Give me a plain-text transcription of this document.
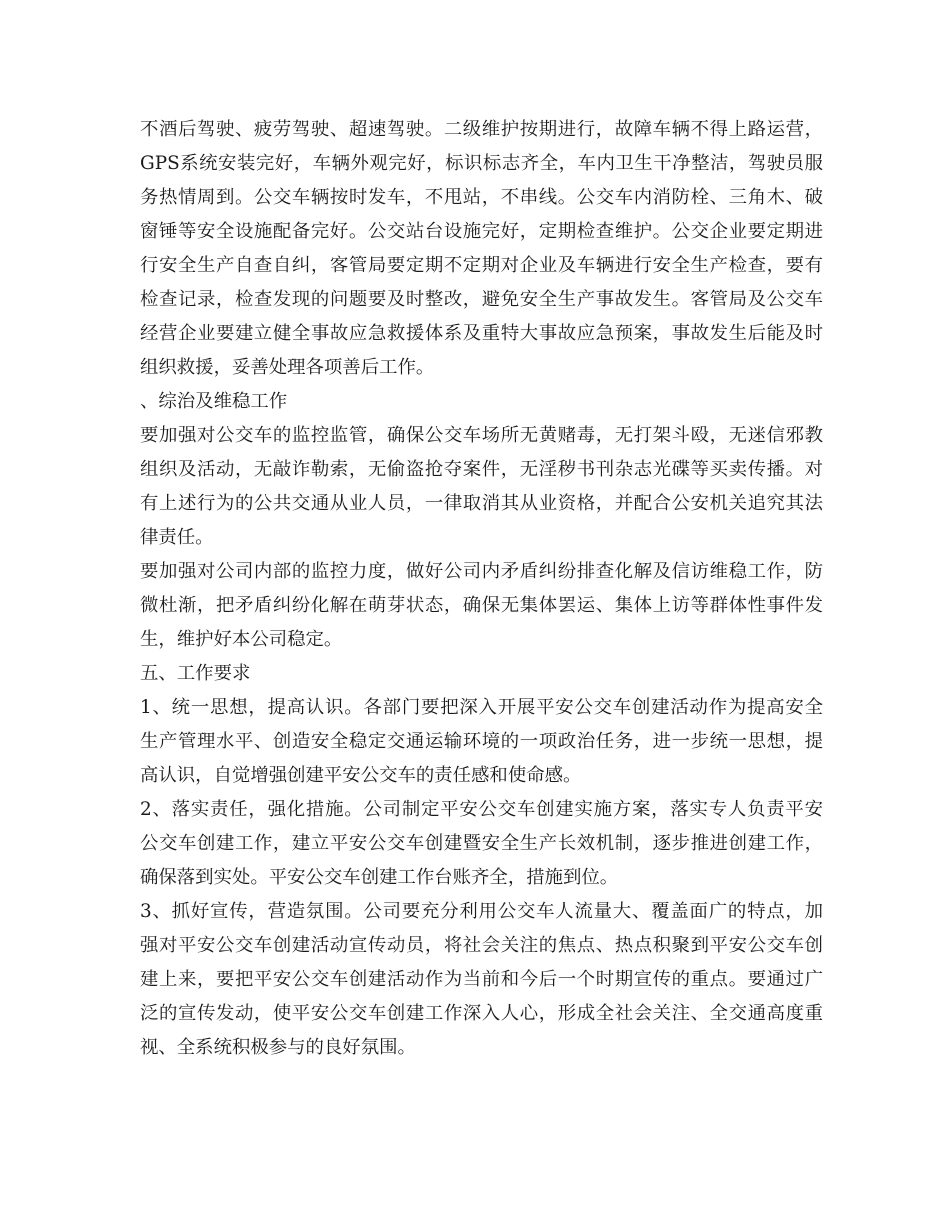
不酒后驾驶、疲劳驾驶、超速驾驶。二级维护按期进行，故障车辆不得上路运营，
GPS系统安装完好，车辆外观完好，标识标志齐全，车内卫生干净整洁，驾驶员服
务热情周到。公交车辆按时发车，不甩站，不串线。公交车内消防栓、三角木、破
窗锤等安全设施配备完好。公交站台设施完好，定期检查维护。公交企业要定期进
行安全生产自查自纠，客管局要定期不定期对企业及车辆进行安全生产检查，要有
检查记录，检查发现的问题要及时整改，避免安全生产事故发生。客管局及公交车
经营企业要建立健全事故应急救援体系及重特大事故应急预案，事故发生后能及时
组织救援，妥善处理各项善后工作。
、综治及维稳工作
要加强对公交车的监控监管，确保公交车场所无黄赌毒，无打架斗殴，无迷信邪教
组织及活动，无敲诈勒索，无偷盗抢夺案件，无淫秽书刊杂志光碟等买卖传播。对
有上述行为的公共交通从业人员，一律取消其从业资格，并配合公安机关追究其法
律责任。
要加强对公司内部的监控力度，做好公司内矛盾纠纷排查化解及信访维稳工作，防
微杜渐，把矛盾纠纷化解在萌芽状态，确保无集体罢运、集体上访等群体性事件发
生，维护好本公司稳定。
五、工作要求
1、统一思想，提高认识。各部门要把深入开展平安公交车创建活动作为提高安全
生产管理水平、创造安全稳定交通运输环境的一项政治任务，进一步统一思想，提
高认识，自觉增强创建平安公交车的责任感和使命感。
2、落实责任，强化措施。公司制定平安公交车创建实施方案，落实专人负责平安
公交车创建工作，建立平安公交车创建暨安全生产长效机制，逐步推进创建工作，
确保落到实处。平安公交车创建工作台账齐全，措施到位。
3、抓好宣传，营造氛围。公司要充分利用公交车人流量大、覆盖面广的特点，加
强对平安公交车创建活动宣传动员，将社会关注的焦点、热点积聚到平安公交车创
建上来，要把平安公交车创建活动作为当前和今后一个时期宣传的重点。要通过广
泛的宣传发动，使平安公交车创建工作深入人心，形成全社会关注、全交通高度重
视、全系统积极参与的良好氛围。
